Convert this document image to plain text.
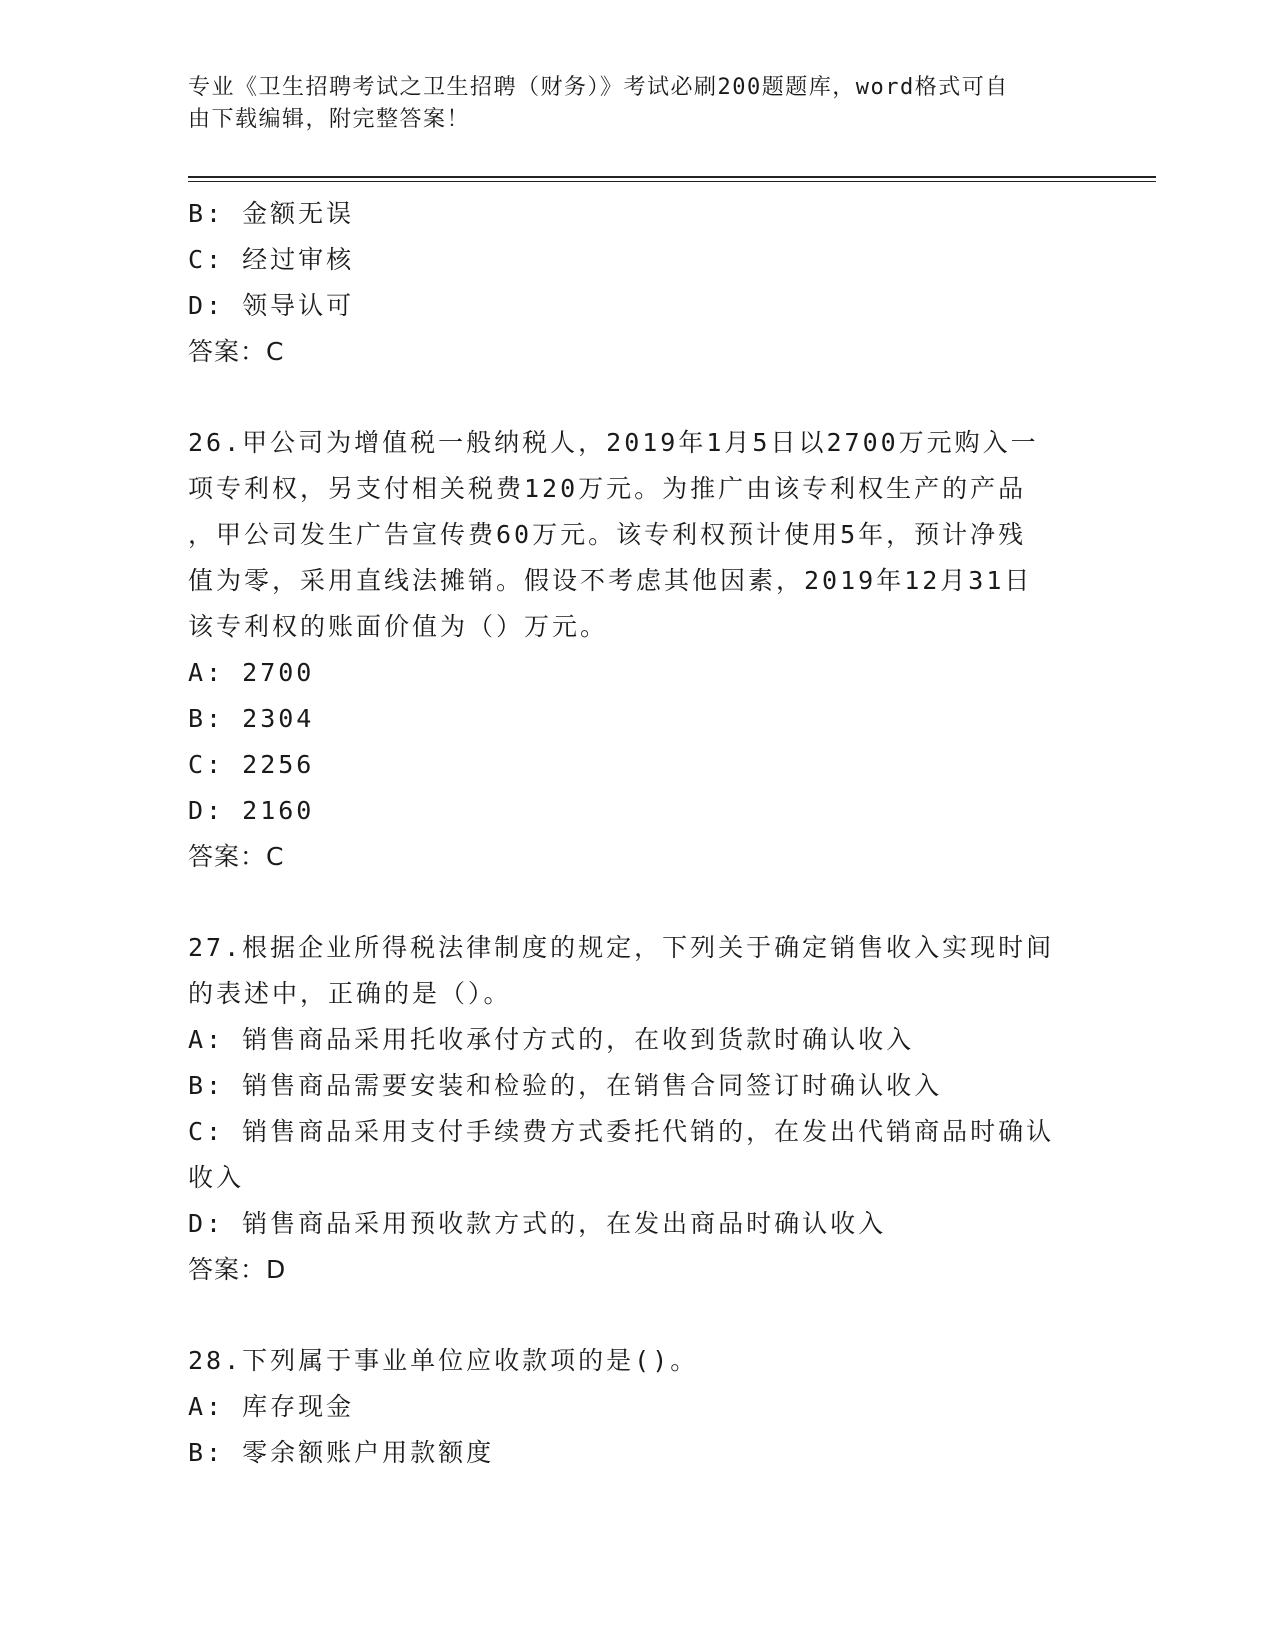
专业《卫生招聘考试之卫生招聘（财务）》考试必刷200题题库，word格式可自
由下载编辑，附完整答案！
B: 金额无误
C: 经过审核
D: 领导认可
答案：C
26.甲公司为增值税一般纳税人，2019年1月5日以2700万元购入一
项专利权，另支付相关税费120万元。为推广由该专利权生产的产品
，甲公司发生广告宣传费60万元。该专利权预计使用5年，预计净残
值为零，采用直线法摊销。假设不考虑其他因素，2019年12月31日
该专利权的账面价值为（）万元。
A: 2700
B: 2304
C: 2256
D: 2160
答案：C
27.根据企业所得税法律制度的规定，下列关于确定销售收入实现时间
的表述中，正确的是（）。
A: 销售商品采用托收承付方式的，在收到货款时确认收入
B: 销售商品需要安装和检验的，在销售合同签订时确认收入
C: 销售商品采用支付手续费方式委托代销的，在发出代销商品时确认
收入
D: 销售商品采用预收款方式的，在发出商品时确认收入
答案：D
28.下列属于事业单位应收款项的是()。
A: 库存现金
B: 零余额账户用款额度
